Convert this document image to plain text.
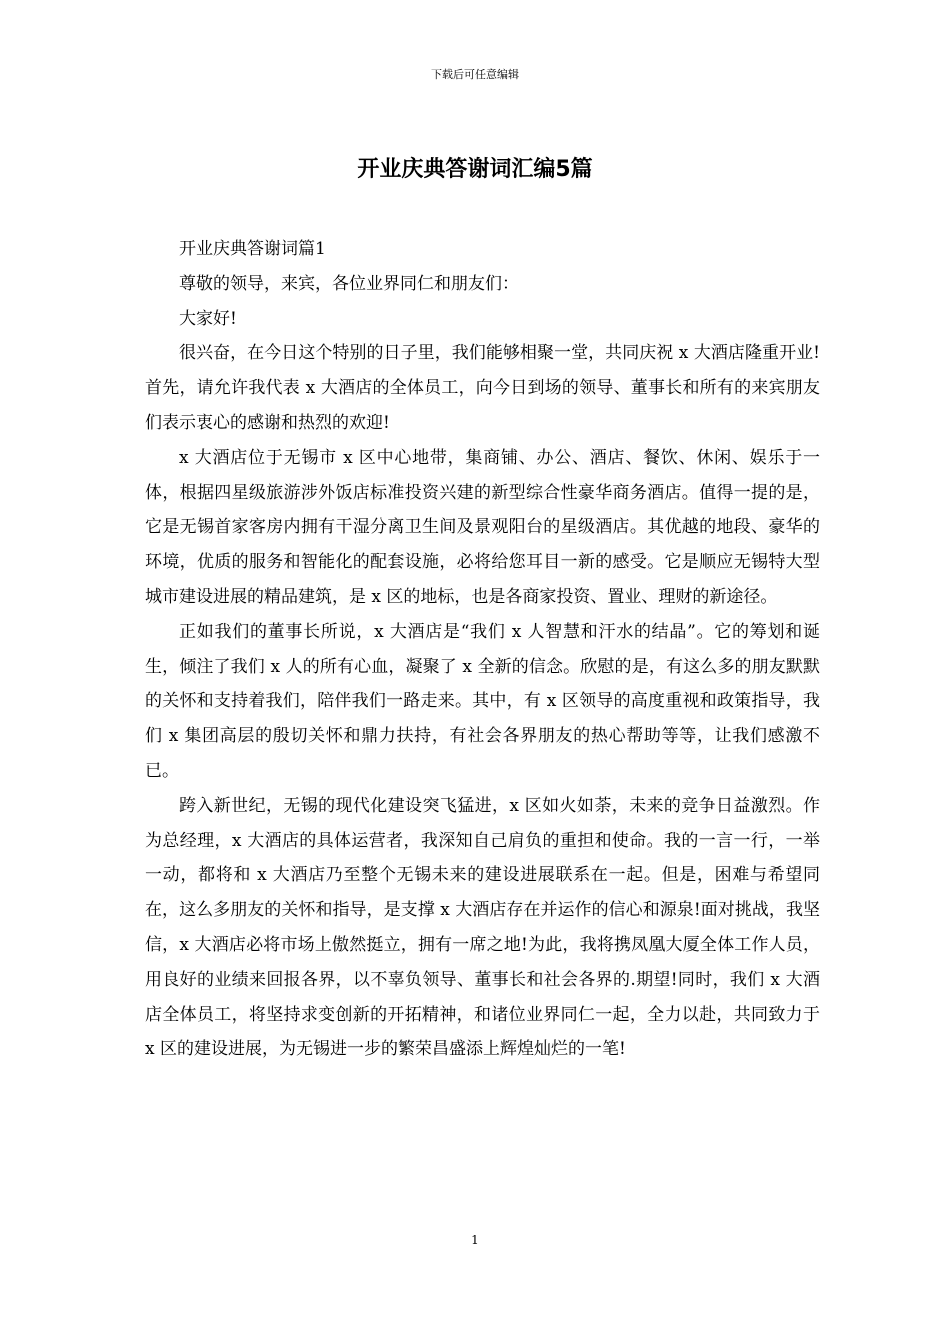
下载后可任意编辑
开业庆典答谢词汇编5篇

开业庆典答谢词篇1

尊敬的领导，来宾，各位业界同仁和朋友们：

大家好!

很兴奋，在今日这个特别的日子里，我们能够相聚一堂，共同庆祝 x 大酒店隆重开业!首先，请允许我代表 x 大酒店的全体员工，向今日到场的领导、董事长和所有的来宾朋友们表示衷心的感谢和热烈的欢迎!

x 大酒店位于无锡市 x 区中心地带，集商铺、办公、酒店、餐饮、休闲、娱乐于一体，根据四星级旅游涉外饭店标准投资兴建的新型综合性豪华商务酒店。值得一提的是，它是无锡首家客房内拥有干湿分离卫生间及景观阳台的星级酒店。其优越的地段、豪华的环境，优质的服务和智能化的配套设施，必将给您耳目一新的感受。它是顺应无锡特大型城市建设进展的精品建筑，是 x 区的地标，也是各商家投资、置业、理财的新途径。

正如我们的董事长所说，x 大酒店是“我们 x 人智慧和汗水的结晶”。它的筹划和诞生，倾注了我们 x 人的所有心血，凝聚了 x 全新的信念。欣慰的是，有这么多的朋友默默的关怀和支持着我们，陪伴我们一路走来。其中，有 x 区领导的高度重视和政策指导，我们 x 集团高层的殷切关怀和鼎力扶持，有社会各界朋友的热心帮助等等，让我们感激不已。

跨入新世纪，无锡的现代化建设突飞猛进，x 区如火如荼，未来的竞争日益激烈。作为总经理，x 大酒店的具体运营者，我深知自己肩负的重担和使命。我的一言一行，一举一动，都将和 x 大酒店乃至整个无锡未来的建设进展联系在一起。但是，困难与希望同在，这么多朋友的关怀和指导，是支撑 x 大酒店存在并运作的信心和源泉!面对挑战，我坚信，x 大酒店必将市场上傲然挺立，拥有一席之地!为此，我将携凤凰大厦全体工作人员，用良好的业绩来回报各界，以不辜负领导、董事长和社会各界的.期望!同时，我们 x 大酒店全体员工，将坚持求变创新的开拓精神，和诸位业界同仁一起，全力以赴，共同致力于 x 区的建设进展，为无锡进一步的繁荣昌盛添上辉煌灿烂的一笔!

1
